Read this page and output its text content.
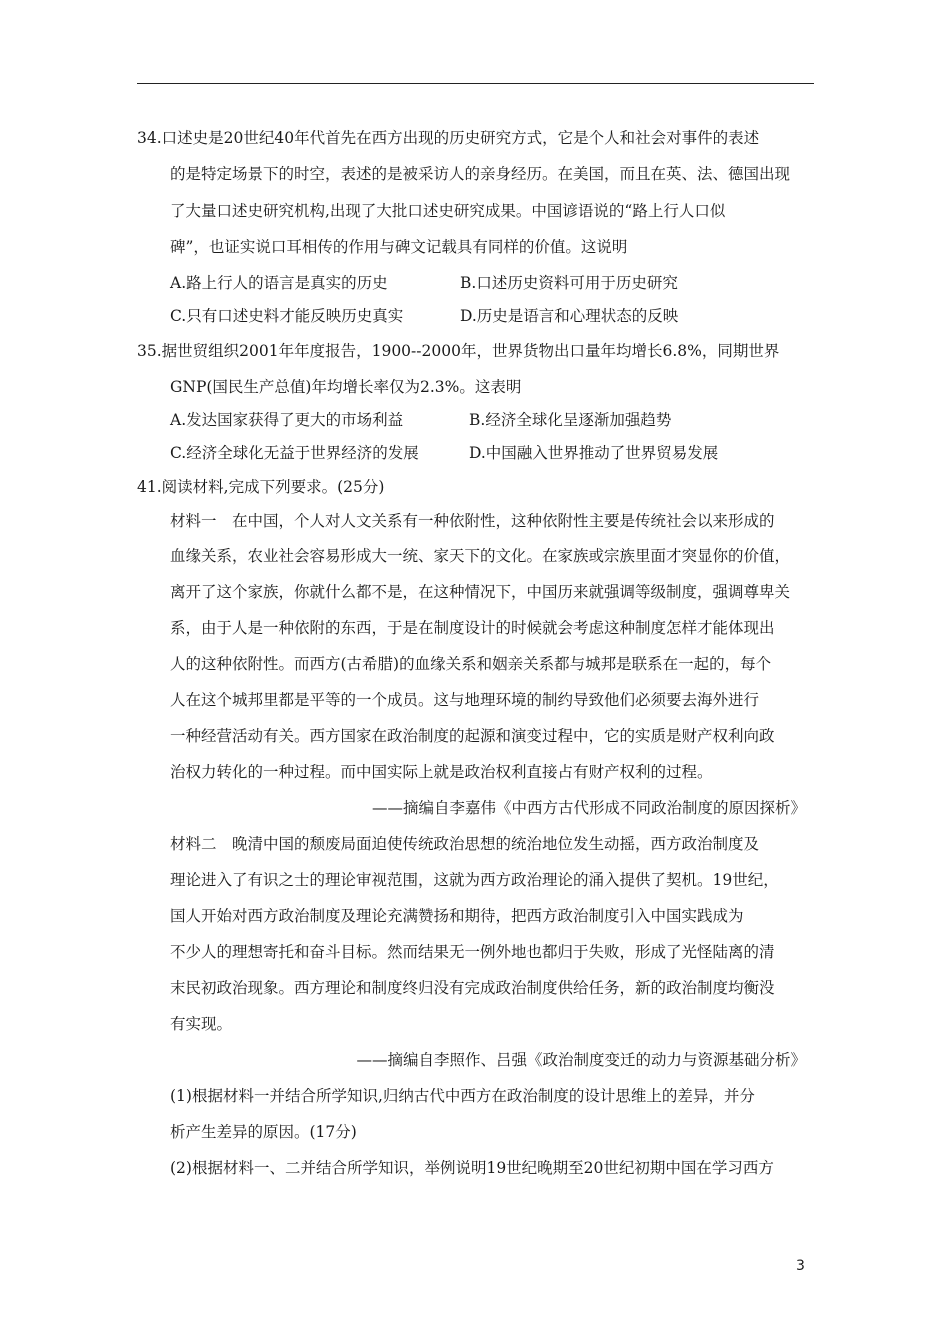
34.口述史是20世纪40年代首先在西方出现的历史研究方式，它是个人和社会对事件的表述
的是特定场景下的时空，表述的是被采访人的亲身经历。在美国，而且在英、法、德国出现
了大量口述史研究机构,出现了大批口述史研究成果。中国谚语说的“路上行人口似
碑”，也证实说口耳相传的作用与碑文记载具有同样的价值。这说明
A.路上行人的语言是真实的历史	B.口述历史资料可用于历史研究
C.只有口述史料才能反映历史真实	D.历史是语言和心理状态的反映
35.据世贸组织2001年年度报告，1900--2000年，世界货物出口量年均增长6.8%，同期世界
GNP(国民生产总值)年均增长率仅为2.3%。这表明
A.发达国家获得了更大的市场利益	B.经济全球化呈逐渐加强趋势
C.经济全球化无益于世界经济的发展	D.中国融入世界推动了世界贸易发展
41.阅读材料,完成下列要求。(25分)
材料一　在中国，个人对人文关系有一种依附性，这种依附性主要是传统社会以来形成的
血缘关系，农业社会容易形成大一统、家天下的文化。在家族或宗族里面才突显你的价值，
离开了这个家族，你就什么都不是，在这种情况下，中国历来就强调等级制度，强调尊卑关
系，由于人是一种依附的东西，于是在制度设计的时候就会考虑这种制度怎样才能体现出
人的这种依附性。而西方(古希腊)的血缘关系和姻亲关系都与城邦是联系在一起的，每个
人在这个城邦里都是平等的一个成员。这与地理环境的制约导致他们必须要去海外进行
一种经营活动有关。西方国家在政治制度的起源和演变过程中，它的实质是财产权利向政
治权力转化的一种过程。而中国实际上就是政治权利直接占有财产权利的过程。
——摘编自李嘉伟《中西方古代形成不同政治制度的原因探析》
材料二　晚清中国的颓废局面迫使传统政治思想的统治地位发生动摇，西方政治制度及
理论进入了有识之士的理论审视范围，这就为西方政治理论的涌入提供了契机。19世纪，
国人开始对西方政治制度及理论充满赞扬和期待，把西方政治制度引入中国实践成为
不少人的理想寄托和奋斗目标。然而结果无一例外地也都归于失败，形成了光怪陆离的清
末民初政治现象。西方理论和制度终归没有完成政治制度供给任务，新的政治制度均衡没
有实现。
——摘编自李照作、吕强《政治制度变迁的动力与资源基础分析》
(1)根据材料一并结合所学知识,归纳古代中西方在政治制度的设计思维上的差异，并分
析产生差异的原因。(17分)
(2)根据材料一、二并结合所学知识，举例说明19世纪晚期至20世纪初期中国在学习西方
3
